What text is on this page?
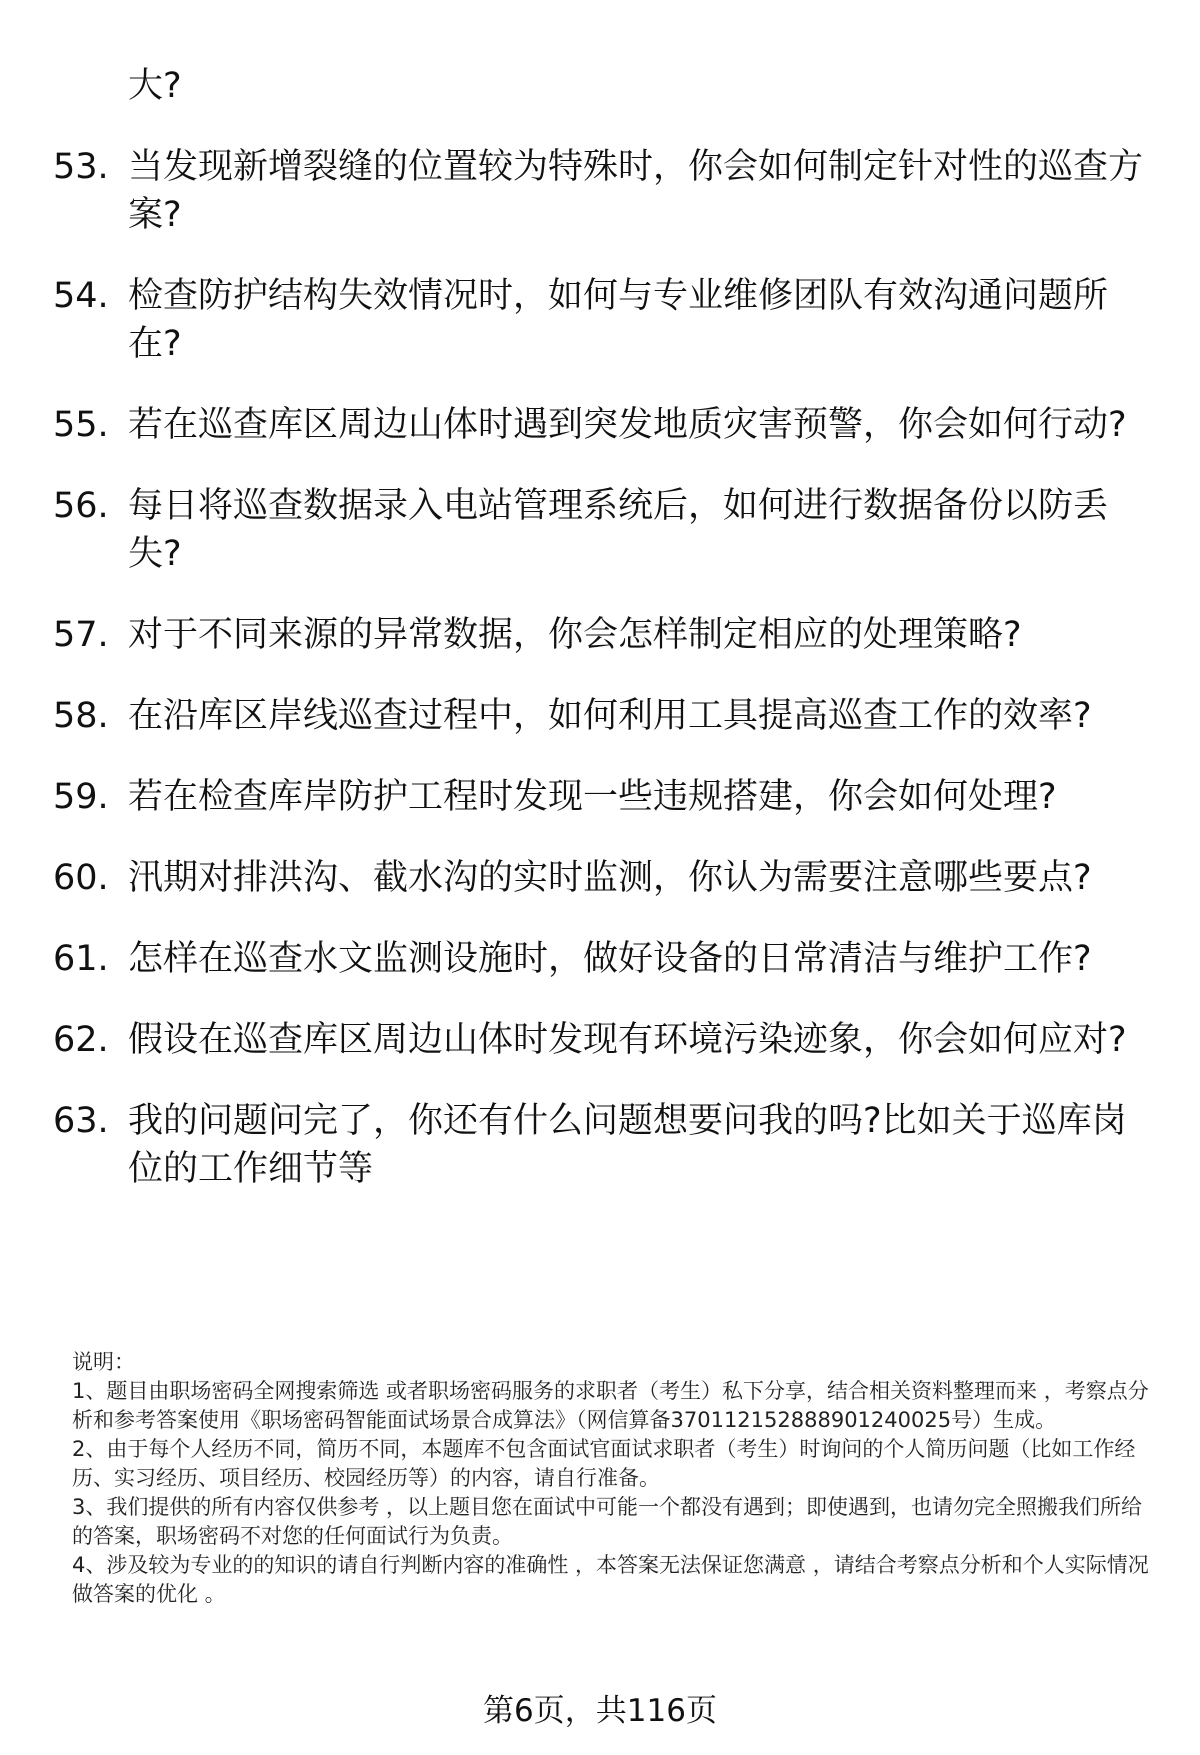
大?
53. 当发现新增裂缝的位置较为特殊时，你会如何制定针对性的巡查方案?
54. 检查防护结构失效情况时，如何与专业维修团队有效沟通问题所在?
55. 若在巡查库区周边山体时遇到突发地质灾害预警，你会如何行动?
56. 每日将巡查数据录入电站管理系统后，如何进行数据备份以防丢失?
57. 对于不同来源的异常数据，你会怎样制定相应的处理策略?
58. 在沿库区岸线巡查过程中，如何利用工具提高巡查工作的效率?
59. 若在检查库岸防护工程时发现一些违规搭建，你会如何处理?
60. 汛期对排洪沟、截水沟的实时监测，你认为需要注意哪些要点?
61. 怎样在巡查水文监测设施时，做好设备的日常清洁与维护工作?
62. 假设在巡查库区周边山体时发现有环境污染迹象，你会如何应对?
63. 我的问题问完了，你还有什么问题想要问我的吗?比如关于巡库岗位的工作细节等

说明：

1、题目由职场密码全网搜索筛选 或者职场密码服务的求职者（考生）私下分享，结合相关资料整理而来 ，考察点分析和参考答案使用《职场密码智能面试场景合成算法》（网信算备370112152888901240025号）生成。

2、由于每个人经历不同，简历不同，本题库不包含面试官面试求职者（考生）时询问的个人简历问题（比如工作经历、实习经历、项目经历、校园经历等）的内容，请自行准备。

3、我们提供的所有内容仅供参考 ，以上题目您在面试中可能一个都没有遇到；即使遇到，也请勿完全照搬我们所给的答案，职场密码不对您的任何面试行为负责。

4、涉及较为专业的的知识的请自行判断内容的准确性 ，本答案无法保证您满意 ，请结合考察点分析和个人实际情况做答案的优化 。

第6页，共116页
